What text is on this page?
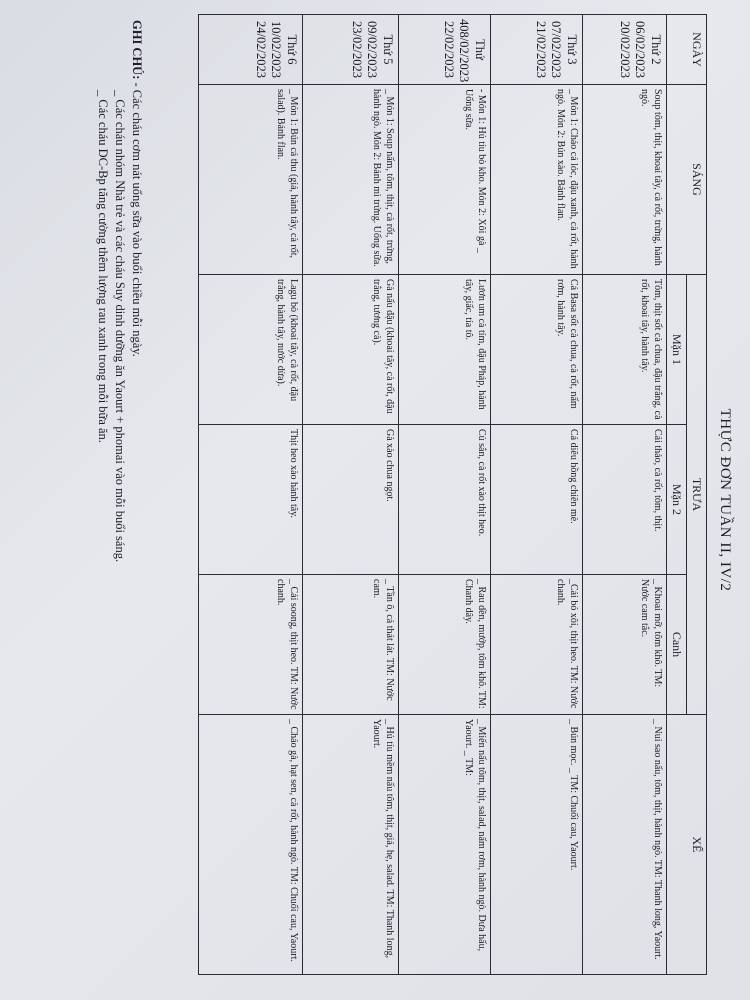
THỰC ĐƠN TUẦN II, IV/2
NGÀY	SÁNG	TRƯA			XẾ
		Mặn 1	Mặn 2	Canh	

Thứ 2
06/02/2023
20/02/2023	Soup tôm, thịt, khoai tây, cà rốt, trứng, hành ngò.	Tôm, thịt sốt cà chua, đậu trắng, cà rốt, khoai tây, hành tây.	Cải thảo, cà rốt, tôm, thịt.	_ Khoai mỡ, tôm khô. TM: Nước cam tắc.	_ Nui sao nấu, tôm, thịt, hành ngò. TM: Thanh long, Yaourt.

Thứ 3
07/02/2023
21/02/2023	_ Món 1: Cháo cá lóc, đậu xanh, cà rốt, hành ngò. Món 2: Bún xào. Bánh flan.	Cá Basa sốt cà chua, cà rốt, nấm rơm, hành tây.	Cá diêu hồng chiên mè.	_Cải bó xôi, thịt heo. TM: Nước chanh.	_ Bún mọc. _ TM: Chuối cau, Yaourt.

Thứ
408/02/2023
22/02/2023	- Món 1: Hủ tíu bò kho. Món 2: Xôi gà _ Uống sữa.	Lươn um cà tím, đậu Pháp, hành tây, giấc, tía tô.	Củ sắn, cà rốt xào thịt heo.	_ Rau dền, mướp, tôm khô. TM: Chanh dây.	_ Miến nấu tôm, thịt, salad, nấm rơm, hành ngò. Dưa hấu, Yaourt. _ TM:

Thứ 5
09/02/2023
23/02/2023	_ Món 1: Soup nấm, tôm, thịt, cà rốt, trứng, hành ngò. Món 2: Bánh mì trứng. Uống sữa.	Gà nấu đậu (khoai tây, cà rốt, đậu trắng, tương cà).	Gà xào chua ngọt.	_ Tần ô, cá thát lát. TM: Nước cam.	_ Hủ tíu mềm nấu tôm, thịt, giá, hẹ, salad. TM: Thanh long, Yaourt.

Thứ 6
10/02/2023
24/02/2023	_ Món 1: Bún cá thu (giá, hành tây, cà rốt, salad). Bánh flan.	Lagu bò (khoai tây, cà rốt, đậu trắng, hành tây, nước dừa).	Thịt heo xào hành tây.	_ Cải soong, thịt heo. TM: Nước chanh.	_ Cháo gà, hạt sen, cà rốt, hành ngò. TM: Chuối cau, Yaourt.
GHI CHÚ: - Các cháu cơm nát uống sữa vào buổi chiều mỗi ngày.
_ Các cháu nhóm Nhà trẻ và các cháu Suy dinh dưỡng ăn Yaourt + phomai vào mỗi buổi sáng.
_ Các cháu DC-Bp tăng cường thêm lượng rau xanh trong mỗi bữa ăn.
